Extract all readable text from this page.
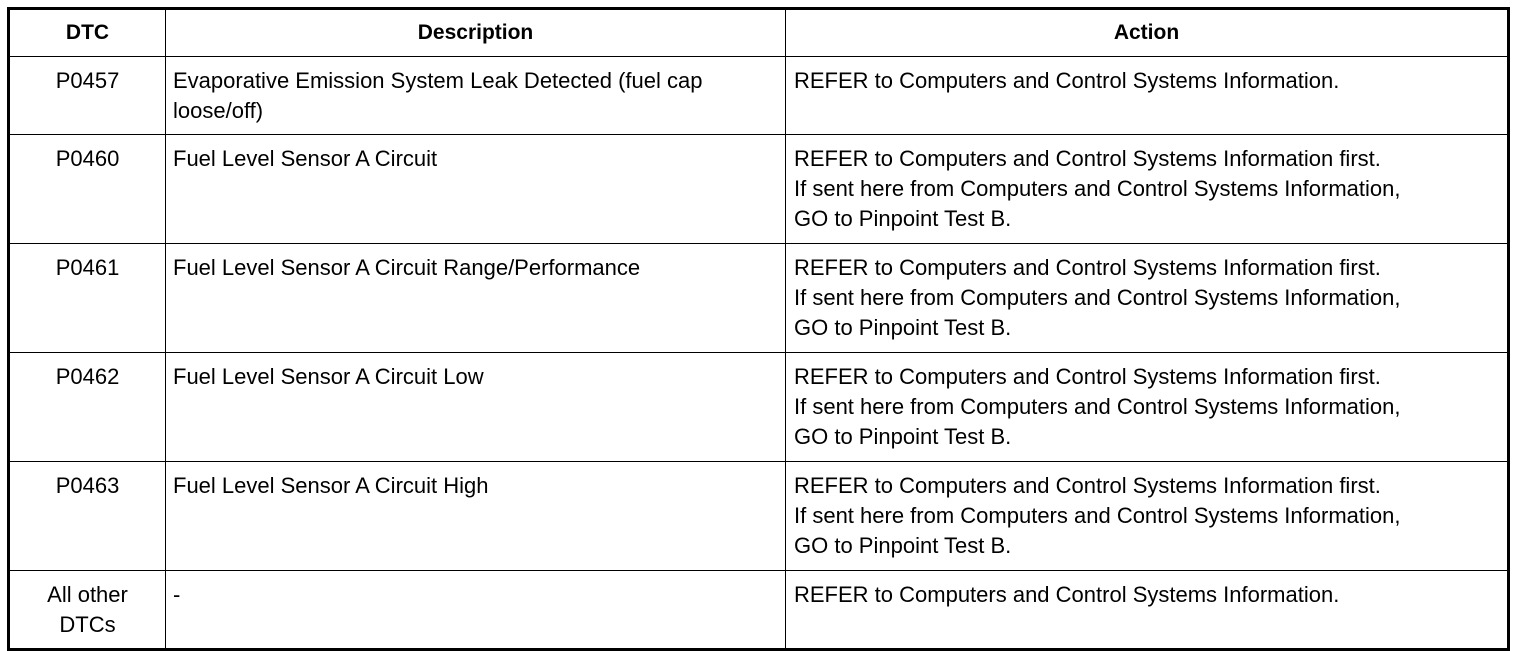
DTC	Description	Action

P0457	Evaporative Emission System Leak Detected (fuel cap
loose/off)	REFER to Computers and Control Systems Information.

P0460	Fuel Level Sensor A Circuit	REFER to Computers and Control Systems Information first.
If sent here from Computers and Control Systems Information,
GO to Pinpoint Test B.

P0461	Fuel Level Sensor A Circuit Range/Performance	REFER to Computers and Control Systems Information first.
If sent here from Computers and Control Systems Information,
GO to Pinpoint Test B.

P0462	Fuel Level Sensor A Circuit Low	REFER to Computers and Control Systems Information first.
If sent here from Computers and Control Systems Information,
GO to Pinpoint Test B.

P0463	Fuel Level Sensor A Circuit High	REFER to Computers and Control Systems Information first.
If sent here from Computers and Control Systems Information,
GO to Pinpoint Test B.

All other
DTCs	-	REFER to Computers and Control Systems Information.
